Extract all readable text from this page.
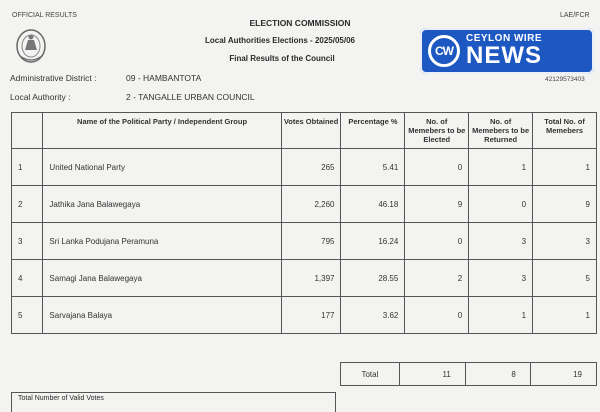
OFFICIAL RESULTS	LAE/FCR
ELECTION COMMISSION
Local Authorities Elections - 2025/05/06
Final Results of the Council
CW
CEYLON WIRE
NEWS
42129573403
Administrative District :	09 - HAMBANTOTA
Local Authority :	2 - TANGALLE URBAN COUNCIL
	Name of the Political Party / Independent Group	Votes Obtained	Percentage %	No. of Memebers to be Elected	No. of Memebers to be Returned	Total No. of Memebers
1	United National Party	265	5.41	0	1	1
2	Jathika Jana Balawegaya	2,260	46.18	9	0	9
3	Sri Lanka Podujana Peramuna	795	16.24	0	3	3
4	Samagi Jana Balawegaya	1,397	28.55	2	3	5
5	Sarvajana Balaya	177	3.62	0	1	1
Total	11	8	19
Total Number of Valid Votes
